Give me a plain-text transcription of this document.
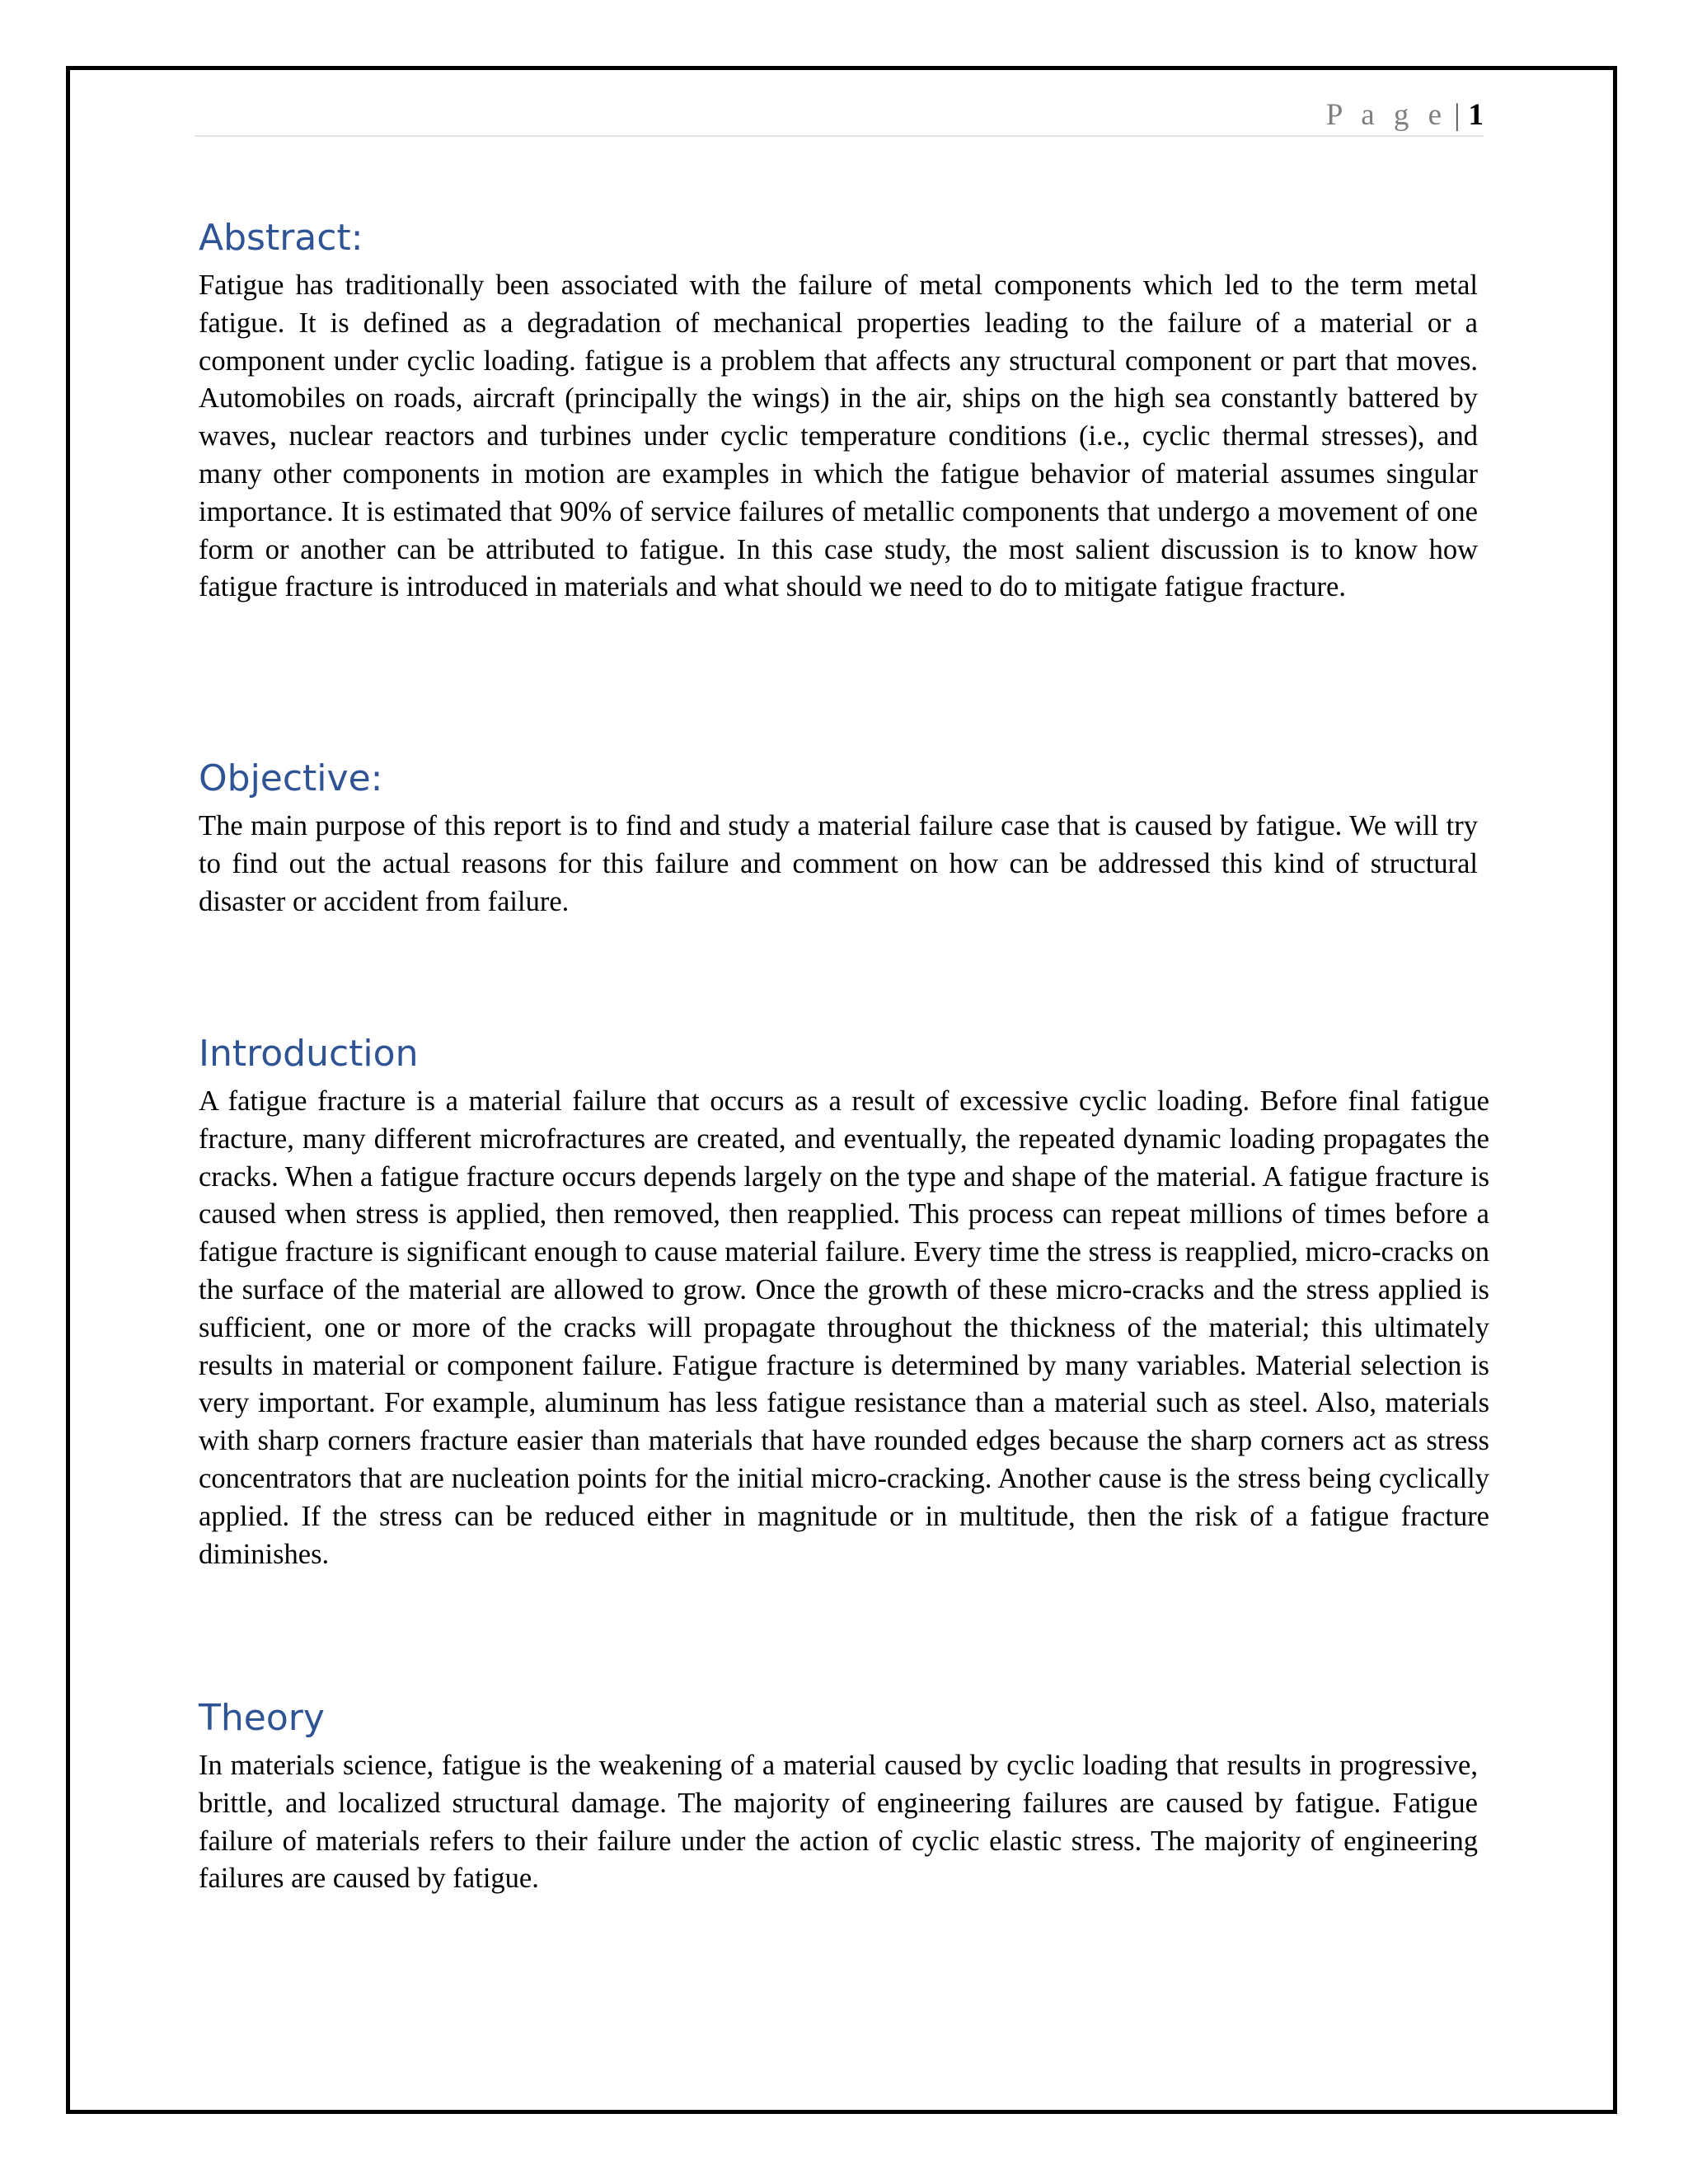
P a g e | 1
Abstract:

Fatigue has traditionally been associated with the failure of metal components which led to the term metal fatigue. It is defined as a degradation of mechanical properties leading to the failure of a material or a component under cyclic loading. fatigue is a problem that affects any structural component or part that moves. Automobiles on roads, aircraft (principally the wings) in the air, ships on the high sea constantly battered by waves, nuclear reactors and turbines under cyclic temperature conditions (i.e., cyclic thermal stresses), and many other components in motion are examples in which the fatigue behavior of material assumes singular importance. It is estimated that 90% of service failures of metallic components that undergo a movement of one form or another can be attributed to fatigue. In this case study, the most salient discussion is to know how fatigue fracture is introduced in materials and what should we need to do to mitigate fatigue fracture.

Objective:

The main purpose of this report is to find and study a material failure case that is caused by fatigue. We will try to find out the actual reasons for this failure and comment on how can be addressed this kind of structural disaster or accident from failure.

Introduction

A fatigue fracture is a material failure that occurs as a result of excessive cyclic loading. Before final fatigue fracture, many different microfractures are created, and eventually, the repeated dynamic loading propagates the cracks. When a fatigue fracture occurs depends largely on the type and shape of the material. A fatigue fracture is caused when stress is applied, then removed, then reapplied. This process can repeat millions of times before a fatigue fracture is significant enough to cause material failure. Every time the stress is reapplied, micro-cracks on the surface of the material are allowed to grow. Once the growth of these micro-cracks and the stress applied is sufficient, one or more of the cracks will propagate throughout the thickness of the material; this ultimately results in material or component failure. Fatigue fracture is determined by many variables. Material selection is very important. For example, aluminum has less fatigue resistance than a material such as steel. Also, materials with sharp corners fracture easier than materials that have rounded edges because the sharp corners act as stress concentrators that are nucleation points for the initial micro-cracking. Another cause is the stress being cyclically applied. If the stress can be reduced either in magnitude or in multitude, then the risk of a fatigue fracture diminishes.

Theory

In materials science, fatigue is the weakening of a material caused by cyclic loading that results in progressive, brittle, and localized structural damage. The majority of engineering failures are caused by fatigue. Fatigue failure of materials refers to their failure under the action of cyclic elastic stress. The majority of engineering failures are caused by fatigue.
